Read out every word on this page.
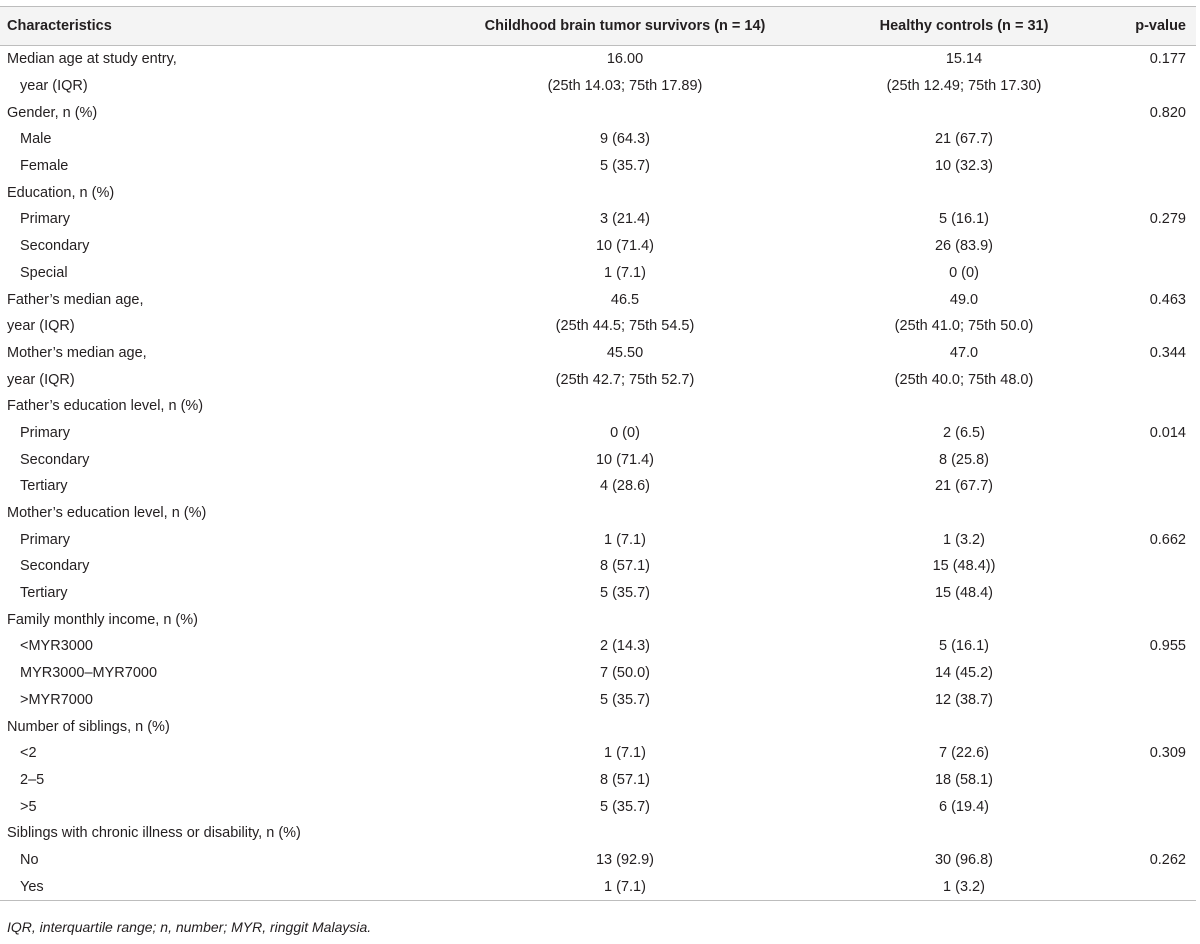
Characteristics	Childhood brain tumor survivors (n = 14)	Healthy controls (n = 31)	p-value
Median age at study entry,	16.00	15.14	0.177
year (IQR)	(25th 14.03; 75th 17.89)	(25th 12.49; 75th 17.30)	
Gender, n (%)			0.820
Male	9 (64.3)	21 (67.7)	
Female	5 (35.7)	10 (32.3)	
Education, n (%)			
Primary	3 (21.4)	5 (16.1)	0.279
Secondary	10 (71.4)	26 (83.9)	
Special	1 (7.1)	0 (0)	
Father’s median age,	46.5	49.0	0.463
year (IQR)	(25th 44.5; 75th 54.5)	(25th 41.0; 75th 50.0)	
Mother’s median age,	45.50	47.0	0.344
year (IQR)	(25th 42.7; 75th 52.7)	(25th 40.0; 75th 48.0)	
Father’s education level, n (%)			
Primary	0 (0)	2 (6.5)	0.014
Secondary	10 (71.4)	8 (25.8)	
Tertiary	4 (28.6)	21 (67.7)	
Mother’s education level, n (%)			
Primary	1 (7.1)	1 (3.2)	0.662
Secondary	8 (57.1)	15 (48.4))	
Tertiary	5 (35.7)	15 (48.4)	
Family monthly income, n (%)			
<MYR3000	2 (14.3)	5 (16.1)	0.955
MYR3000–MYR7000	7 (50.0)	14 (45.2)	
>MYR7000	5 (35.7)	12 (38.7)	
Number of siblings, n (%)			
<2	1 (7.1)	7 (22.6)	0.309
2–5	8 (57.1)	18 (58.1)	
>5	5 (35.7)	6 (19.4)	
Siblings with chronic illness or disability, n (%)			
No	13 (92.9)	30 (96.8)	0.262
Yes	1 (7.1)	1 (3.2)	
IQR, interquartile range; n, number; MYR, ringgit Malaysia.
